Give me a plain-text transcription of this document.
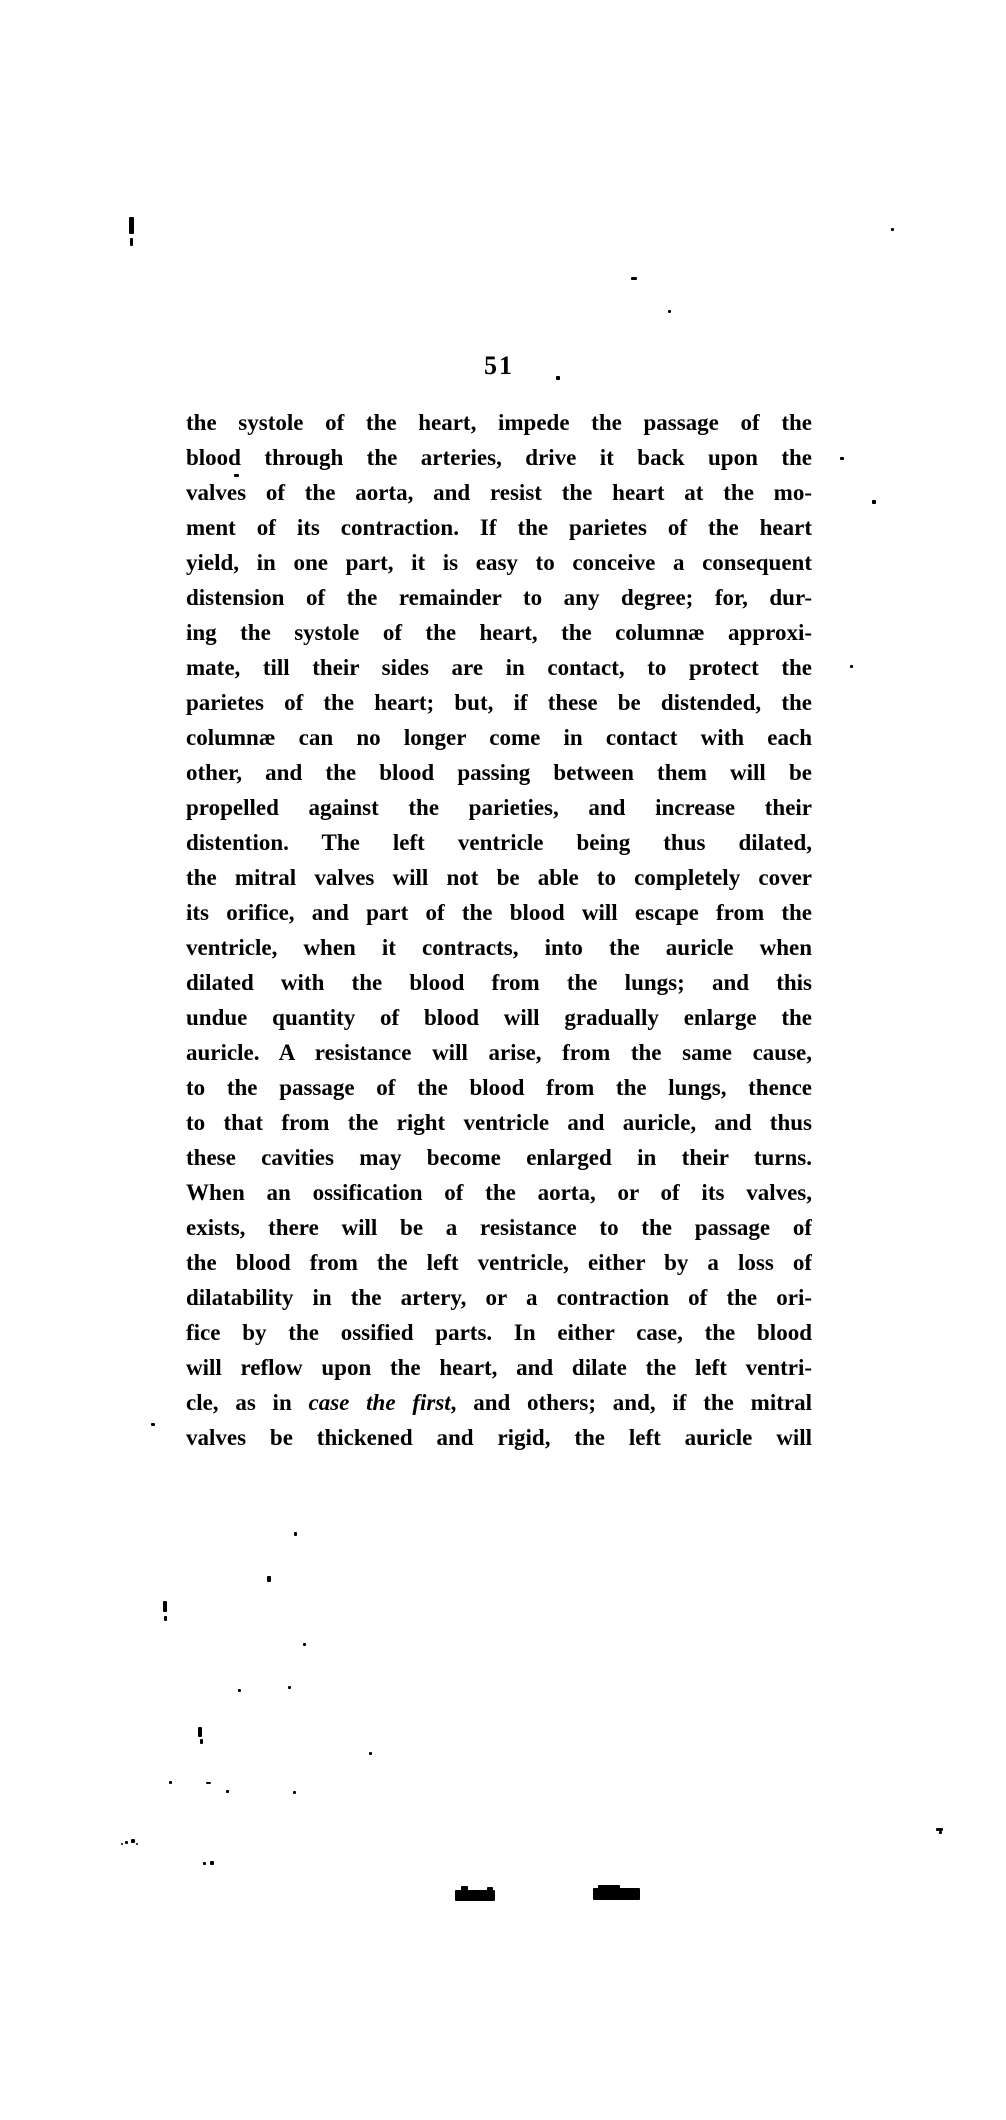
51
the systole of the heart, impede the passage of the
blood through the arteries, drive it back upon the
valves of the aorta, and resist the heart at the mo-
ment of its contraction. If the parietes of the heart
yield, in one part, it is easy to conceive a consequent
distension of the remainder to any degree; for, dur-
ing the systole of the heart, the columnæ approxi-
mate, till their sides are in contact, to protect the
parietes of the heart; but, if these be distended, the
columnæ can no longer come in contact with each
other, and the blood passing between them will be
propelled against the parieties, and increase their
distention. The left ventricle being thus dilated,
the mitral valves will not be able to completely cover
its orifice, and part of the blood will escape from the
ventricle, when it contracts, into the auricle when
dilated with the blood from the lungs; and this
undue quantity of blood will gradually enlarge the
auricle. A resistance will arise, from the same cause,
to the passage of the blood from the lungs, thence
to that from the right ventricle and auricle, and thus
these cavities may become enlarged in their turns.
When an ossification of the aorta, or of its valves,
exists, there will be a resistance to the passage of
the blood from the left ventricle, either by a loss of
dilatability in the artery, or a contraction of the ori-
fice by the ossified parts. In either case, the blood
will reflow upon the heart, and dilate the left ventri-
cle, as in case the first, and others; and, if the mitral
valves be thickened and rigid, the left auricle will
